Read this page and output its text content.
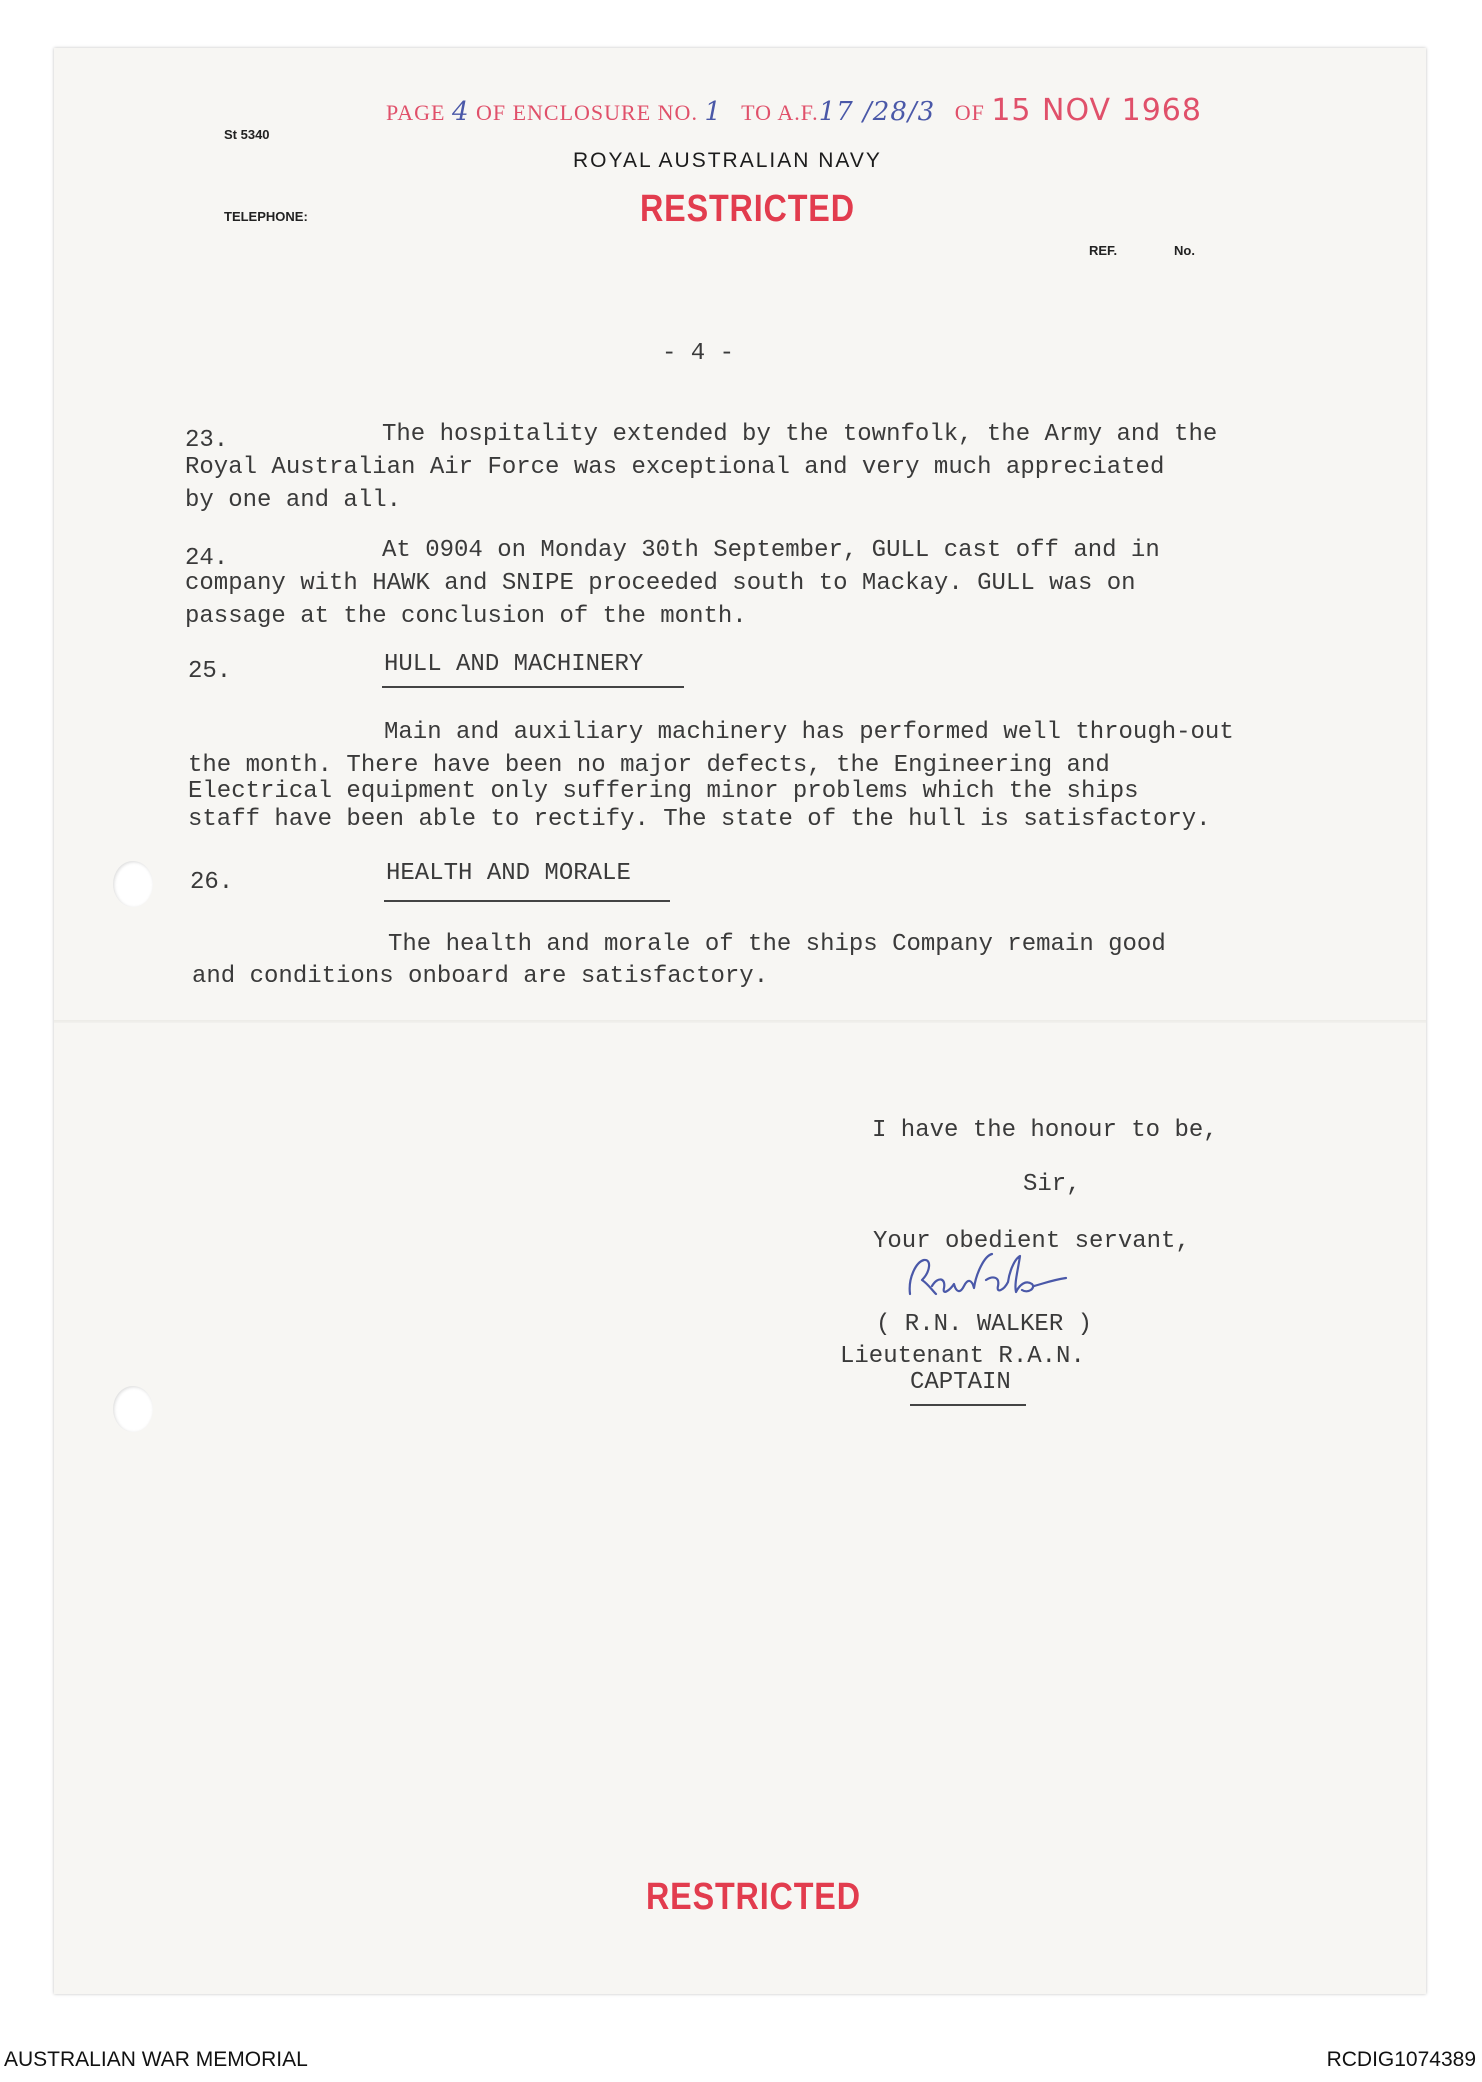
PAGE 4 OF ENCLOSURE NO. 1 TO A.F.17 /28/3 OF 15 NOV 1968
St 5340
ROYAL AUSTRALIAN NAVY
TELEPHONE:	RESTRICTED
REF.	No.
- 4 -
23.	The hospitality extended by the townfolk, the Army and the
Royal Australian Air Force was exceptional and very much appreciated
by one and all.
24.	At 0904 on Monday 30th September, GULL cast off and in
company with HAWK and SNIPE proceeded south to Mackay. GULL was on
passage at the conclusion of the month.
25.	HULL AND MACHINERY
Main and auxiliary machinery has performed well through-out
the month. There have been no major defects, the Engineering and
Electrical equipment only suffering minor problems which the ships
staff have been able to rectify. The state of the hull is satisfactory.
26.	HEALTH AND MORALE
The health and morale of the ships Company remain good
and conditions onboard are satisfactory.
I have the honour to be,
Sir,
Your obedient servant,
( R.N. WALKER )
Lieutenant R.A.N.
CAPTAIN
RESTRICTED
AUSTRALIAN WAR MEMORIAL	RCDIG1074389
